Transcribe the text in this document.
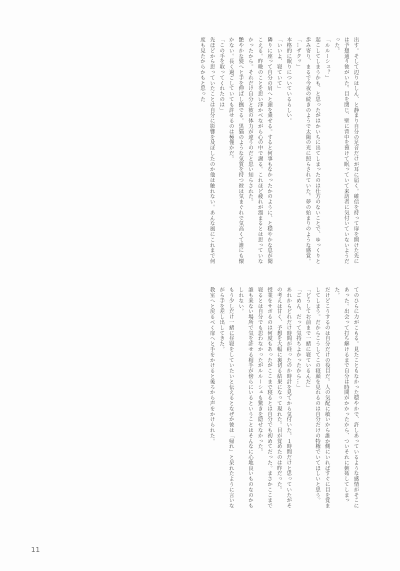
出す。そして辺りはしん、と静まり自分の足音だけが耳に届く。確信を持って扉を開けた先には予想通り彼がいた。目を閉じ、壁に背中を預けて眠っていて来訪者に気付いていないようだった。

「ルルーシュ？」

起こしてしまうかも、と思ったがはかいちに出てしまったのは仕方のないことで、ゆっくりと歩み寄り、まるで今夜の続きのようで太陽の光に照らされていた。夢の始まりのような感覚。

「…ザクッ」

本格的に眠りについているらしい。

「いいよ、寝ていて」

隣りに座って自分の肩へと頭を乗せる。すると何事もなかったかのように、と穏やかな息が聞こえる。昨晩のことを思い浮かべながら心の中で謝る。これほど疲れが溜まるとは思っていなかったから。それだけ自分と彼の体力が違うのだと思い知らされた。

艶やかな髪へと手を伸ばし撫でる。黒猫のような気質を持つ彼は気まぐれで気高くて誰にも懐かない。長く過ごしていても許せるのは極僅かだ。

「この手を取ってくれたのは」

先ほどから思っていたことは自分に影響を及ぼしたのか他は触れない。あんな風にこれまで何度も見たからかもと思った

てのひらに力がこもる。見たこともなかった穏やかで、許しあっているような感情がそこにあった。出会って打ち解けるまで自分は時間がかかったから、ついそれに嫉妬してしまった。

だけどこうするのは自分だけの役目だ。人の気配に敏いから誰か側にいればすぐに目を覚ましてしまう。だからこうしてこの寝顔を見れるのは自分だけの特権でいてほしいと思う。

「どうしてお前まで一緒に寝ているんだ」

「ごめん、だって気持ちよかったから…」

あれからどれだけ時間が経ったのか時計を見てから気付いた。１時間だけと思っていたがその考えは甘く、予想を大幅に裏切る結果になって現れた。目が覚めたのは昨だった。

授業をサボるのは何度もあったがここまで寝るとは自分でも初めてだった。まさかここまで寝るとは自分でも思わなかったがルルーシュも驚きを隠せなかった。

誰も来ない場所で気を許せる相手が傍らにいるということはそんなに心地良いものなのかもしれない。

もう少しだけ一緒に昼寝をしていたいと伝えるとなぜか彼は「帰れ」と呆れたように言いながら手を差し出してきた。

教室へと戻るべく扉へと手をかけると後ろから声をかけられた。

11
